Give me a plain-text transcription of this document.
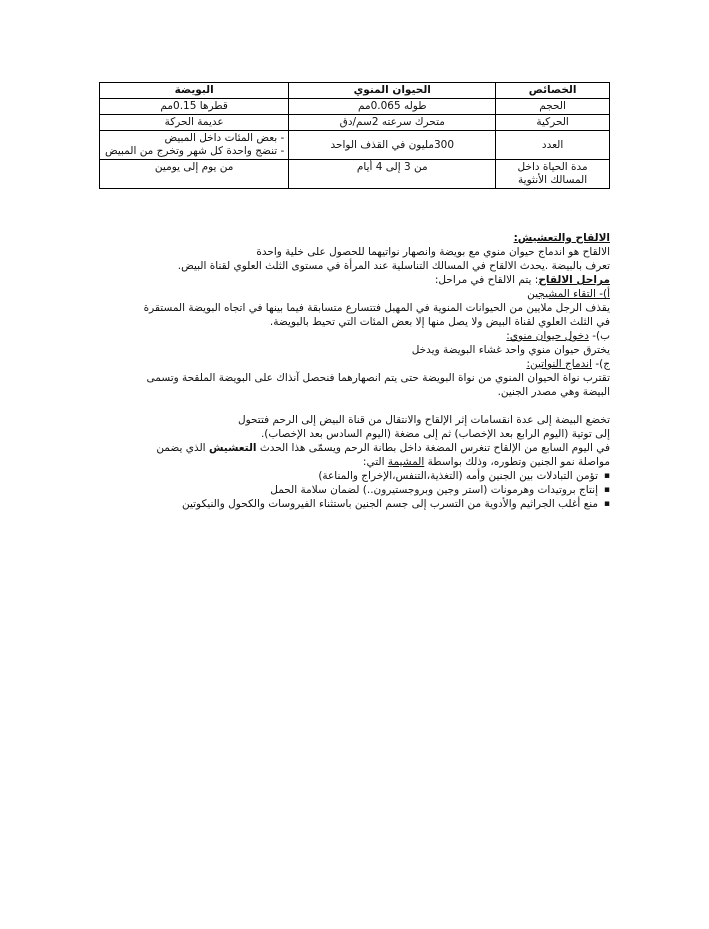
الخصائص	الحيوان المنوي	البويضة
الحجم	طوله 0.065مم	قطرها 0.15مم
الحركية	متحرك سرعته 2سم/دق	عديمة الحركة
العدد	300مليون في القذف الواحد	- بعض المئات داخل المبيض
- تنضج واحدة كل شهر وتخرج من المبيض

مدة الحياة داخل المسالك الأنثوية	من 3 إلى 4 أيام	من يوم إلى يومين

الالقاح والتعشيش:

الالقاح هو اندماج حيوان منوي مع بويضة وانصهار نواتيهما للحصول على خلية واحدة

تعرف بالبيضة .يحدث الالقاح في المسالك التناسلية عند المرأة في مستوى الثلث العلوي لقناة البيض.

مراحل الالقاح: يتم الالقاح في مراحل:

أ)- التقاء المشيجين

يقذف الرجل ملايين من الحيوانات المنوية في المهبل فتتسارع متسابقة فيما بينها في اتجاه البويضة المستقرة في الثلث العلوي لقناة البيض ولا يصل منها إلا بعض المئات التي تحيط بالبويضة.

ب)- دخول حيوان منوي:

يخترق حيوان منوي واحد غشاء البويضة ويدخل

ج)- اندماج النواتين:

تقترب نواة الحيوان المنوي من نواة البويضة حتى يتم انصهارهما فنحصل آنذاك على البويضة الملقحة وتسمى البيضة وهي مصدر الجنين.

تخضع البيضة إلى عدة انقسامات إثر الإلقاح والانتقال من قناة البيض إلى الرحم فتتحول

إلى توتية (اليوم الرابع بعد الإخصاب) ثم إلى مضغة (اليوم السادس بعد الإخصاب).

في اليوم السابع من الإلقاح تنغرس المضغة داخل بطانة الرحم ويسمّى هذا الحدث التعشيش الذي يضمن مواصلة نمو الجنين وتطوره، وذلك بواسطة المشيمة التي:

▪ تؤمن التبادلات بين الجنين وأمه (التغذية،التنفس،الإخراج والمناعة)
▪ إنتاج بروتيدات وهرمونات (استر وجين وبروجستيرون..) لضمان سلامة الحمل
▪ منع أغلب الجراثيم والأدوية من التسرب إلى جسم الجنين باستثناء الفيروسات والكحول والنيكوتين
